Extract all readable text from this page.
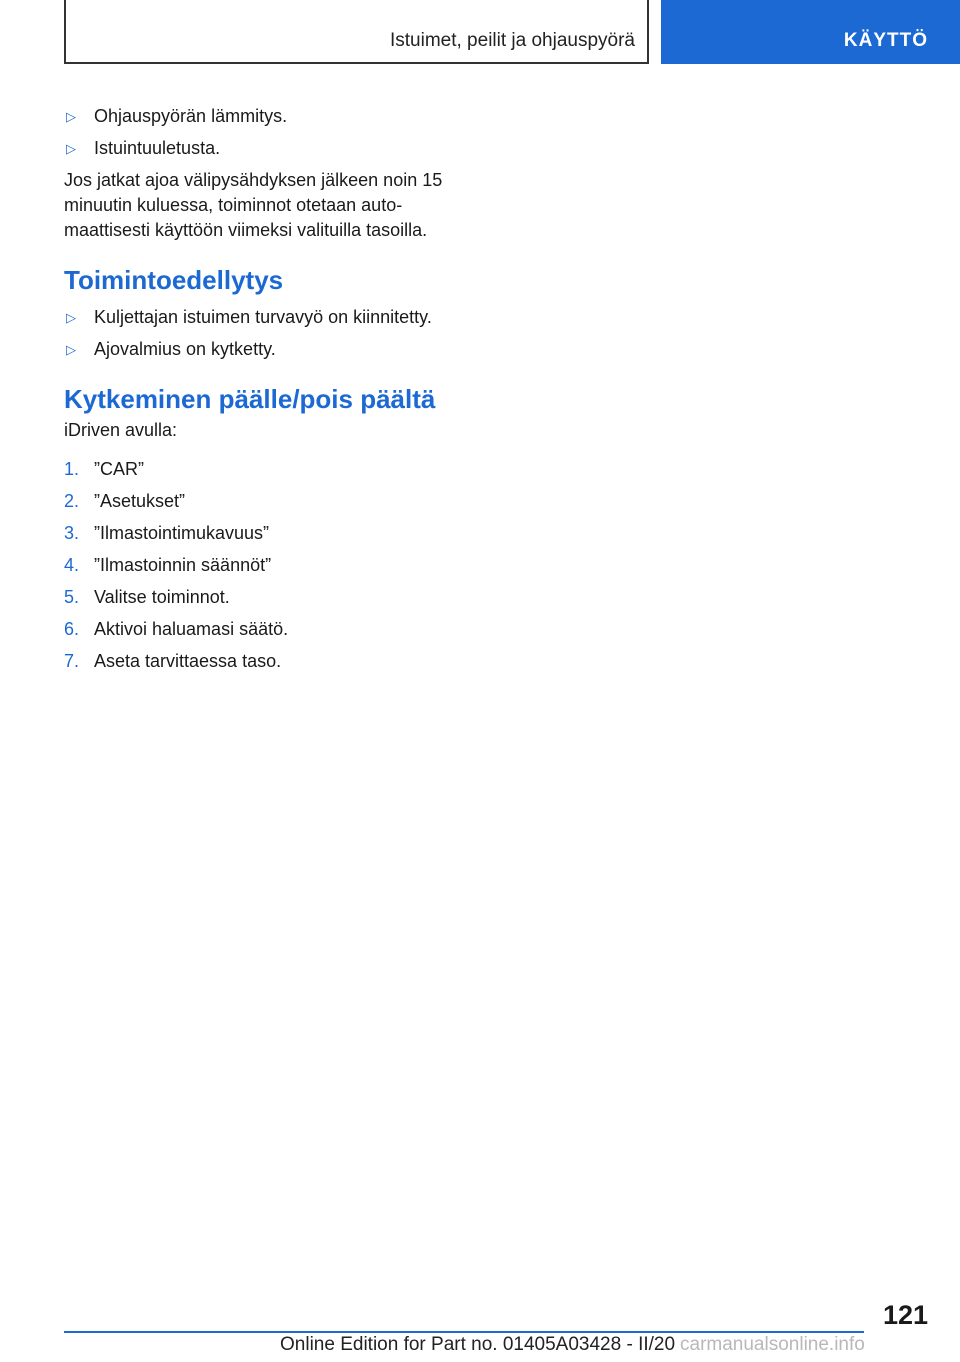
Istuimet, peilit ja ohjauspyörä	KÄYTTÖ
▷	Ohjauspyörän lämmitys.
▷	Istuintuuletusta.

Jos jatkat ajoa välipysähdyksen jälkeen noin 15 minuutin kuluessa, toiminnot otetaan automaattisesti käyttöön viimeksi valituilla tasoilla.

Toimintoedellytys
▷	Kuljettajan istuimen turvavyö on kiinnitetty.
▷	Ajovalmius on kytketty.
Kytkeminen päälle/pois päältä

iDriven avulla:

1. ”CAR”
2. ”Asetukset”
3. ”Ilmastointimukavuus”
4. ”Ilmastoinnin säännöt”
5. Valitse toiminnot.
6. Aktivoi haluamasi säätö.
7. Aseta tarvittaessa taso.
121
Online Edition for Part no. 01405A03428 - II/20 carmanualsonline.info
